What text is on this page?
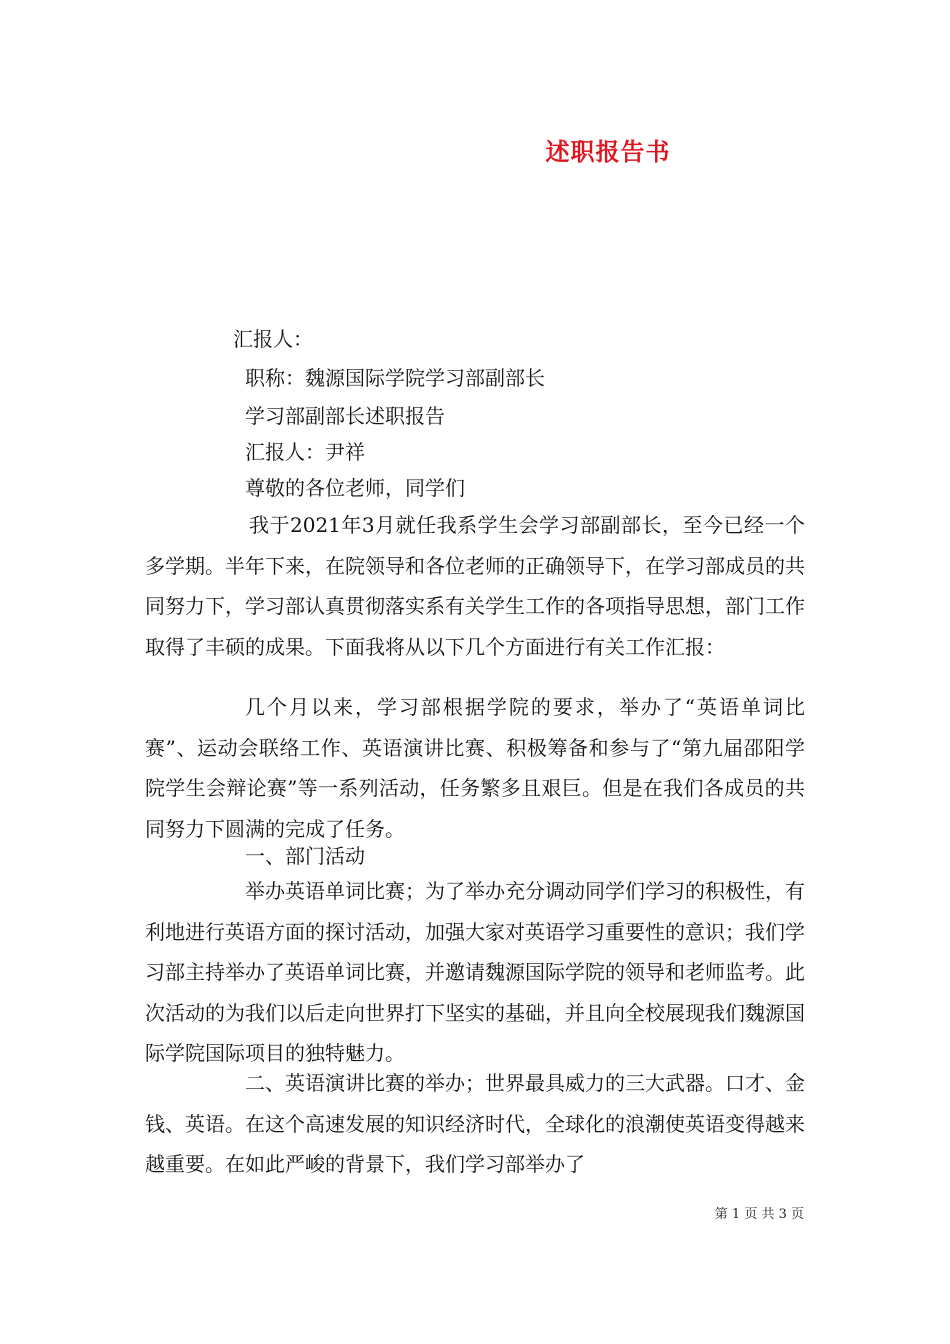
述职报告书
汇报人：
职称：魏源国际学院学习部副部长
学习部副部长述职报告
汇报人：尹祥
尊敬的各位老师，同学们

我于2021年3月就任我系学生会学习部副部长，至今已经一个多学期。半年下来，在院领导和各位老师的正确领导下，在学习部成员的共同努力下，学习部认真贯彻落实系有关学生工作的各项指导思想，部门工作取得了丰硕的成果。下面我将从以下几个方面进行有关工作汇报：

几个月以来，学习部根据学院的要求，举办了“英语单词比赛”、运动会联络工作、英语演讲比赛、积极筹备和参与了“第九届邵阳学院学生会辩论赛”等一系列活动，任务繁多且艰巨。但是在我们各成员的共同努力下圆满的完成了任务。

一、部门活动

举办英语单词比赛；为了举办充分调动同学们学习的积极性，有利地进行英语方面的探讨活动，加强大家对英语学习重要性的意识；我们学习部主持举办了英语单词比赛，并邀请魏源国际学院的领导和老师监考。此次活动的为我们以后走向世界打下坚实的基础，并且向全校展现我们魏源国际学院国际项目的独特魅力。

二、英语演讲比赛的举办；世界最具威力的三大武器。口才、金钱、英语。在这个高速发展的知识经济时代，全球化的浪潮使英语变得越来越重要。在如此严峻的背景下，我们学习部举办了

第 1 页 共 3 页
